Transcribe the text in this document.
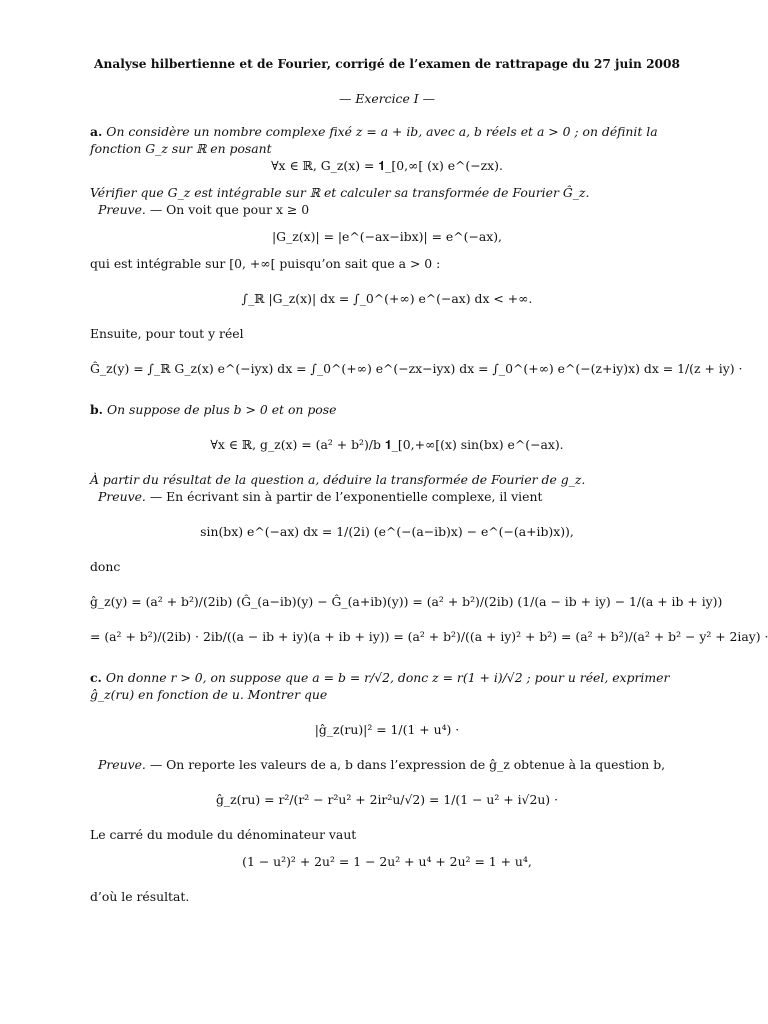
Analyse hilbertienne et de Fourier, corrigé de l’examen de rattrapage du 27 juin 2008

— Exercice I —

a. On considère un nombre complexe fixé z = a + ib, avec a, b réels et a > 0 ; on définit la fonction G_z sur ℝ en posant

∀x ∈ ℝ, G_z(x) = 𝟏_[0,∞[ (x) e^(−zx).

Vérifier que G_z est intégrable sur ℝ et calculer sa transformée de Fourier Ĝ_z.

Preuve. — On voit que pour x ≥ 0

|G_z(x)| = |e^(−ax−ibx)| = e^(−ax),

qui est intégrable sur [0, +∞[ puisqu’on sait que a > 0 :

∫_ℝ |G_z(x)| dx = ∫_0^(+∞) e^(−ax) dx < +∞.

Ensuite, pour tout y réel

Ĝ_z(y) = ∫_ℝ G_z(x) e^(−iyx) dx = ∫_0^(+∞) e^(−zx−iyx) dx = ∫_0^(+∞) e^(−(z+iy)x) dx = 1/(z + iy) ·

b. On suppose de plus b > 0 et on pose

∀x ∈ ℝ, g_z(x) = (a² + b²)/b 𝟏_[0,+∞[(x) sin(bx) e^(−ax).

À partir du résultat de la question a, déduire la transformée de Fourier de g_z.

Preuve. — En écrivant sin à partir de l’exponentielle complexe, il vient

sin(bx) e^(−ax) dx = 1/(2i) (e^(−(a−ib)x) − e^(−(a+ib)x)),

donc

ĝ_z(y) = (a² + b²)/(2ib) (Ĝ_(a−ib)(y) − Ĝ_(a+ib)(y)) = (a² + b²)/(2ib) (1/(a − ib + iy) − 1/(a + ib + iy))

= (a² + b²)/(2ib) · 2ib/((a − ib + iy)(a + ib + iy)) = (a² + b²)/((a + iy)² + b²) = (a² + b²)/(a² + b² − y² + 2iay) ·

c. On donne r > 0, on suppose que a = b = r/√2, donc z = r(1 + i)/√2 ; pour u réel, exprimer ĝ_z(ru) en fonction de u. Montrer que

|ĝ_z(ru)|² = 1/(1 + u⁴) ·

Preuve. — On reporte les valeurs de a, b dans l’expression de ĝ_z obtenue à la question b,

ĝ_z(ru) = r²/(r² − r²u² + 2ir²u/√2) = 1/(1 − u² + i√2u) ·

Le carré du module du dénominateur vaut

(1 − u²)² + 2u² = 1 − 2u² + u⁴ + 2u² = 1 + u⁴,

d’où le résultat.
